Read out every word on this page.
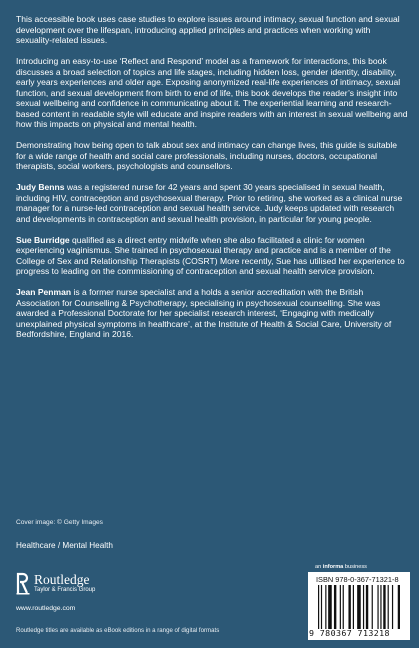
This accessible book uses case studies to explore issues around intimacy, sexual function and sexual development over the lifespan, introducing applied principles and practices when working with sexuality-related issues.

Introducing an easy-to-use ‘Reflect and Respond’ model as a framework for interactions, this book discusses a broad selection of topics and life stages, including hidden loss, gender identity, disability, early years experiences and older age. Exposing anonymized real-life experiences of intimacy, sexual function, and sexual development from birth to end of life, this book develops the reader’s insight into sexual wellbeing and confidence in communicating about it. The experiential learning and research-based content in readable style will educate and inspire readers with an interest in sexual wellbeing and how this impacts on physical and mental health.

Demonstrating how being open to talk about sex and intimacy can change lives, this guide is suitable for a wide range of health and social care professionals, including nurses, doctors, occupational therapists, social workers, psychologists and counsellors.

Judy Benns was a registered nurse for 42 years and spent 30 years specialised in sexual health, including HIV, contraception and psychosexual therapy. Prior to retiring, she worked as a clinical nurse manager for a nurse-led contraception and sexual health service. Judy keeps updated with research and developments in contraception and sexual health provision, in particular for young people.

Sue Burridge qualified as a direct entry midwife when she also facilitated a clinic for women experiencing vaginismus. She trained in psychosexual therapy and practice and is a member of the College of Sex and Relationship Therapists (COSRT) More recently, Sue has utilised her experience to progress to leading on the commissioning of contraception and sexual health service provision.

Jean Penman is a former nurse specialist and a holds a senior accreditation with the British Association for Counselling & Psychotherapy, specialising in psychosexual counselling. She was awarded a Professional Doctorate for her specialist research interest, ‘Engaging with medically unexplained physical symptoms in healthcare’, at the Institute of Health & Social Care, University of Bedfordshire, England in 2016.

Cover image: © Getty Images
Healthcare / Mental Health
Routledge
Taylor & Francis Group
www.routledge.com
Routledge titles are available as eBook editions in a range of digital formats
an informa business
ISBN 978-0-367-71321-8
9 780367 713218
